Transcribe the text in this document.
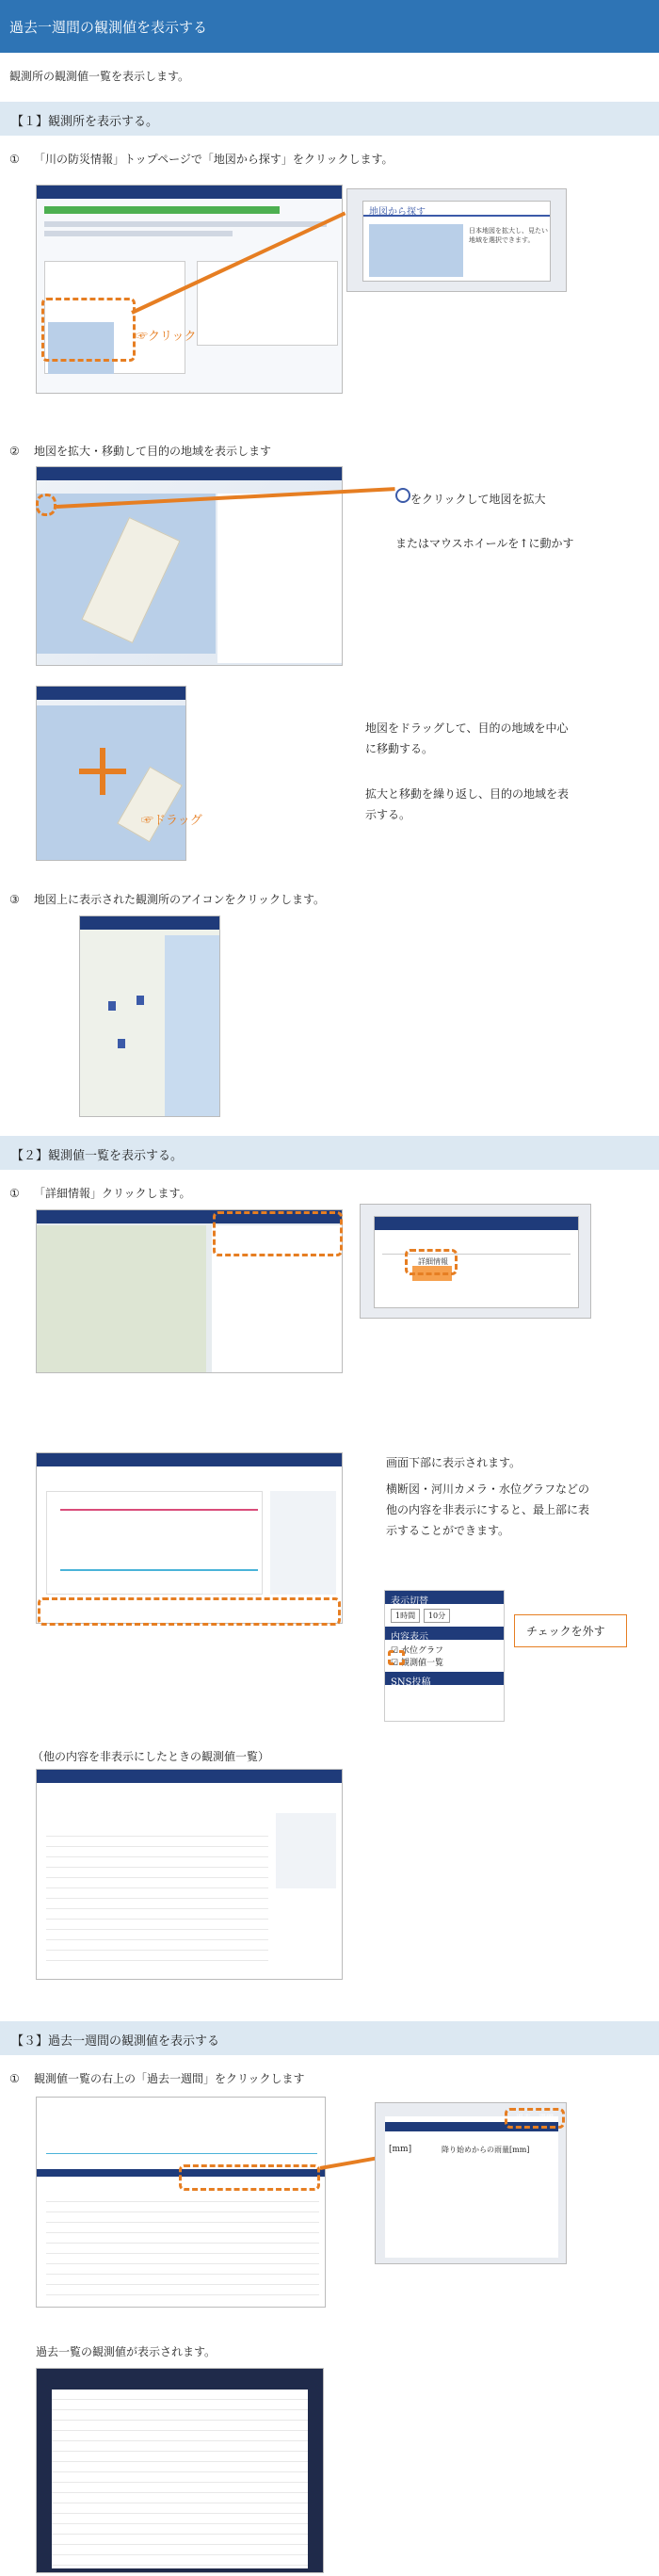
過去一週間の観測値を表示する
観測所の観測値一覧を表示します。
【１】観測所を表示する。
① 「川の防災情報」トップページで「地図から探す」をクリックします。
☞クリック
地図から探す
日本地図を拡大し、見たい地域を選択できます。
② 地図を拡大・移動して目的の地域を表示します
をクリックして地図を拡大
またはマウスホイールを↑に動かす
☞ドラッグ
地図をドラッグして、目的の地域を中心に移動する。
拡大と移動を繰り返し、目的の地域を表示する。
③ 地図上に表示された観測所のアイコンをクリックします。
【２】観測値一覧を表示する。
① 「詳細情報」クリックします。
詳細情報
画面下部に表示されます。
横断図・河川カメラ・水位グラフなどの他の内容を非表示にすると、最上部に表示することができます。
表示切替
1時間 10分
内容表示
☑ 水位グラフ
☑ 観測値一覧
SNS投稿
チェックを外す
（他の内容を非表示にしたときの観測値一覧）
【３】過去一週間の観測値を表示する
① 観測値一覧の右上の「過去一週間」をクリックします
[mm]	降り始めからの雨量[mm]
過去一週間
過去一覧の観測値が表示されます。
